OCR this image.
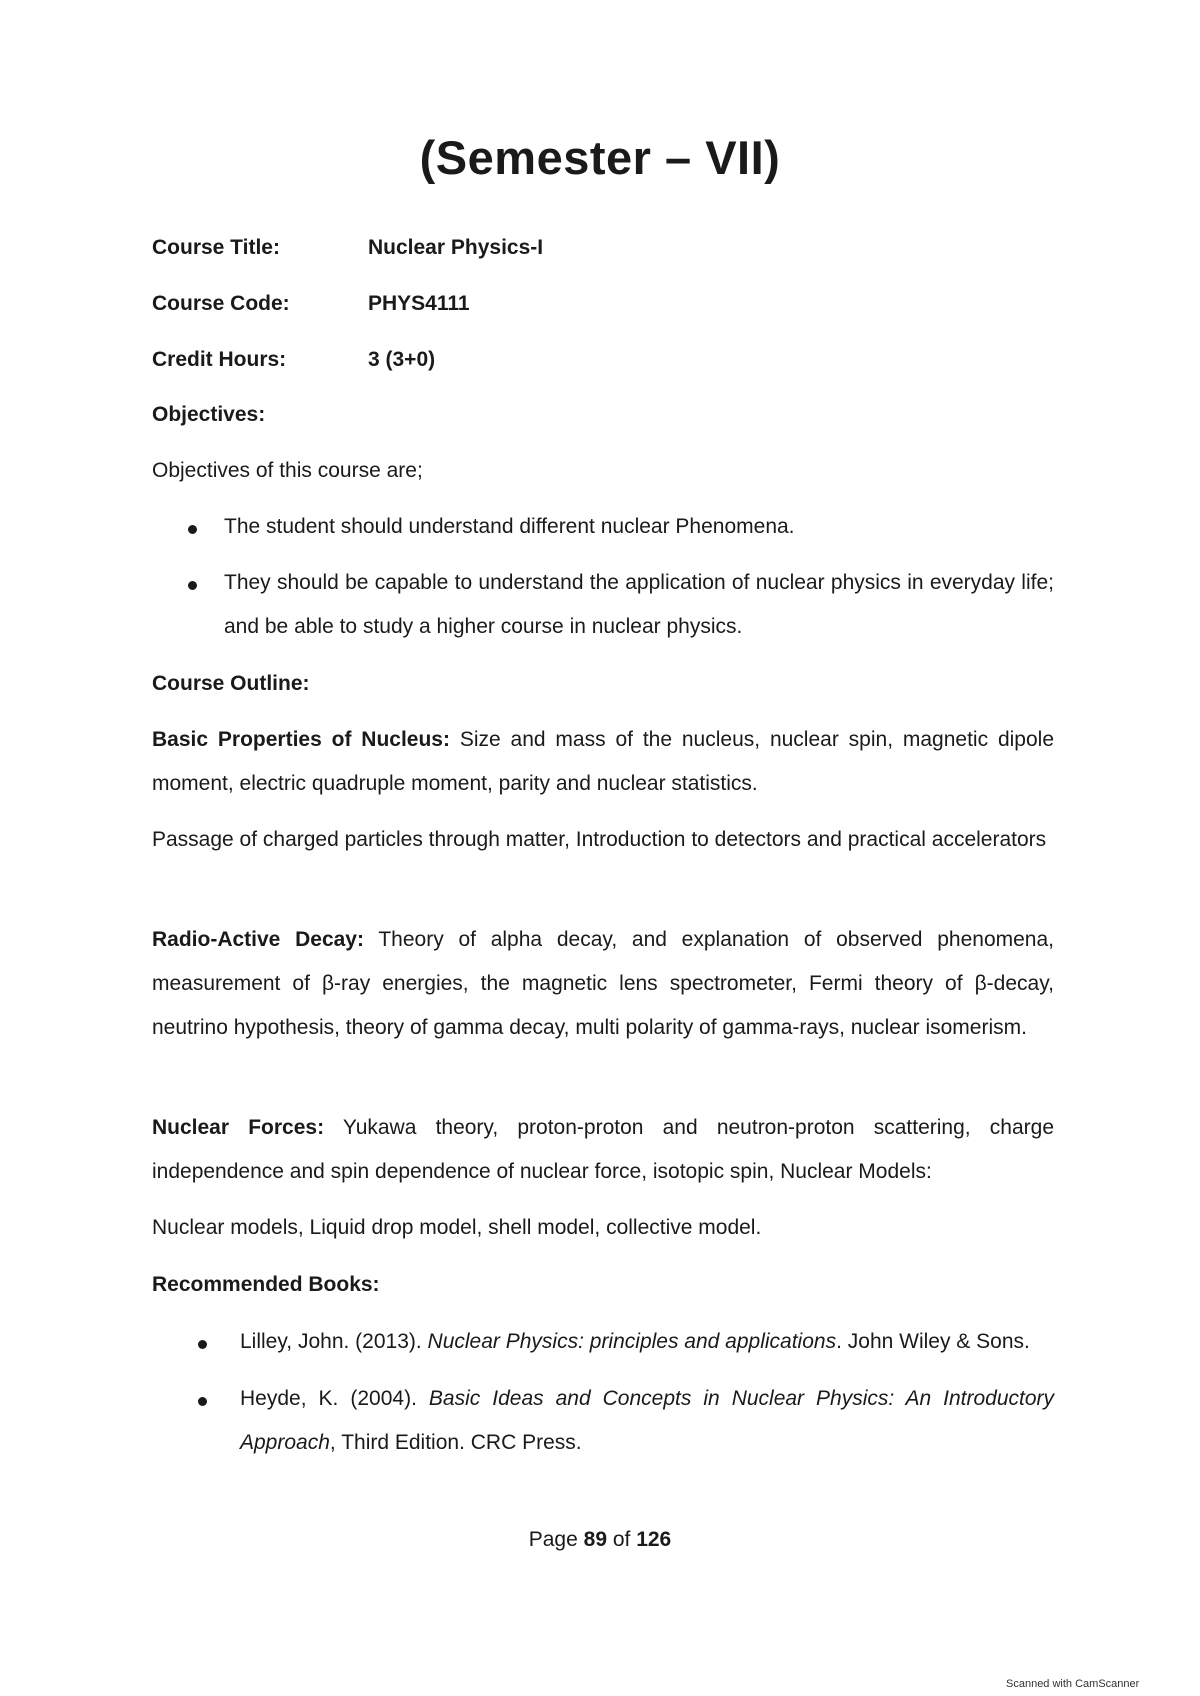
(Semester – VII)
Course Title:	Nuclear Physics-I
Course Code:	PHYS4111
Credit Hours:	3 (3+0)
Objectives:
Objectives of this course are;
The student should understand different nuclear Phenomena.
They should be capable to understand the application of nuclear physics in everyday life; and be able to study a higher course in nuclear physics.
Course Outline:
Basic Properties of Nucleus: Size and mass of the nucleus, nuclear spin, magnetic dipole moment, electric quadruple moment, parity and nuclear statistics.
Passage of charged particles through matter, Introduction to detectors and practical accelerators
Radio-Active Decay: Theory of alpha decay, and explanation of observed phenomena, measurement of β-ray energies, the magnetic lens spectrometer, Fermi theory of β-decay, neutrino hypothesis, theory of gamma decay, multi polarity of gamma-rays, nuclear isomerism.
Nuclear Forces: Yukawa theory, proton-proton and neutron-proton scattering, charge independence and spin dependence of nuclear force, isotopic spin, Nuclear Models:
Nuclear models, Liquid drop model, shell model, collective model.
Recommended Books:
Lilley, John. (2013). Nuclear Physics: principles and applications. John Wiley & Sons.
Heyde, K. (2004). Basic Ideas and Concepts in Nuclear Physics: An Introductory Approach, Third Edition. CRC Press.
Page 89 of 126
Scanned with CamScanner
